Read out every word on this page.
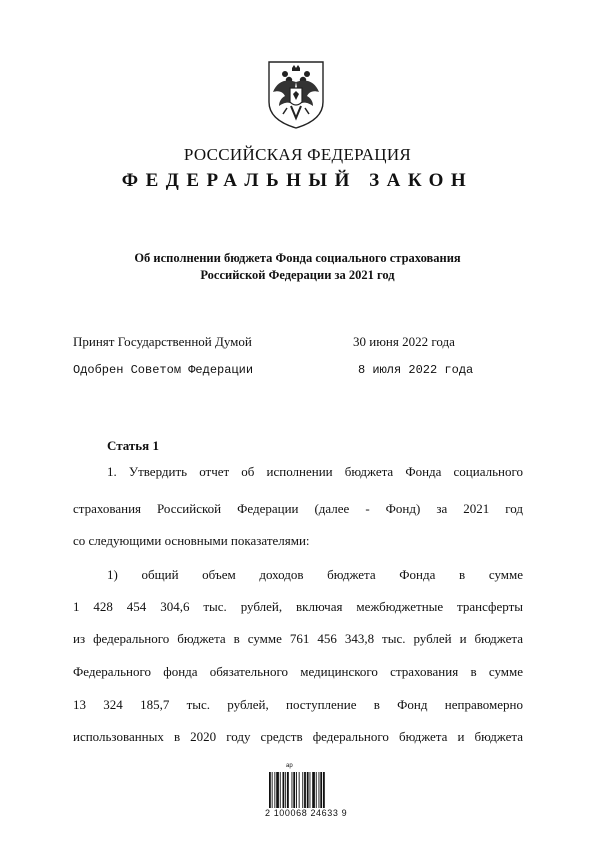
РОССИЙСКАЯ ФЕДЕРАЦИЯ
ФЕДЕРАЛЬНЫЙ ЗАКОН
Об исполнении бюджета Фонда социального страхования
Российской Федерации за 2021 год
Принят Государственной Думой	30 июня 2022 года
Одобрен Советом Федерации	8 июля 2022 года
Статья 1
1. Утвердить отчет об исполнении бюджета Фонда социального
страхования Российской Федерации (далее - Фонд) за 2021 год
со следующими основными показателями:
1) общий объем доходов бюджета Фонда в сумме
1 428 454 304,6 тыс. рублей, включая межбюджетные трансферты
из федерального бюджета в сумме 761 456 343,8 тыс. рублей и бюджета
Федерального фонда обязательного медицинского страхования в сумме
13 324 185,7 тыс. рублей, поступление в Фонд неправомерно
использованных в 2020 году средств федерального бюджета и бюджета
ap
2 100068 24633 9
